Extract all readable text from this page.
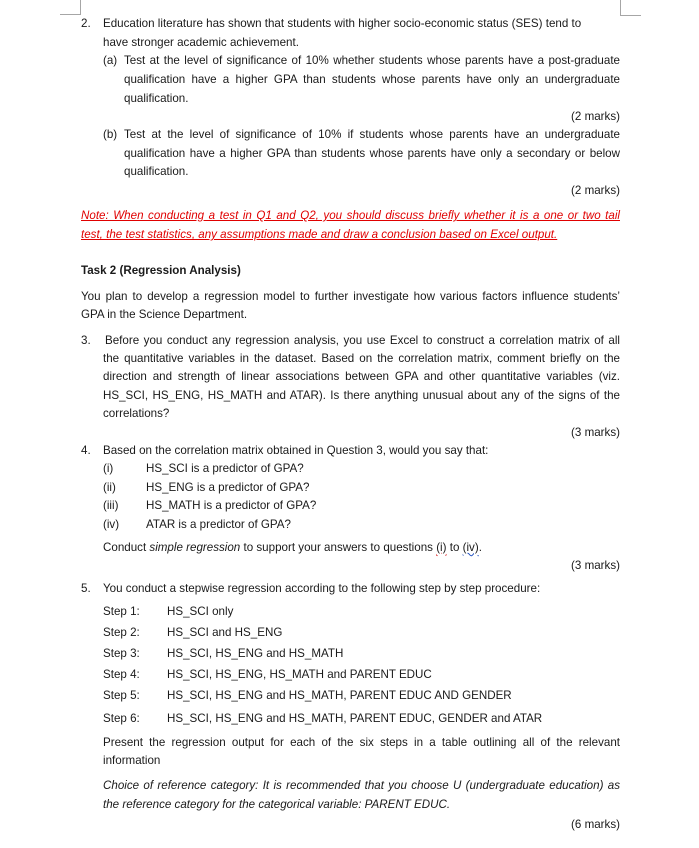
2. Education literature has shown that students with higher socio-economic status (SES) tend to
have stronger academic achievement.
(a) Test at the level of significance of 10% whether students whose parents have a post-graduate
qualification have a higher GPA than students whose parents have only an undergraduate
qualification.
(2 marks)
(b) Test at the level of significance of 10% if students whose parents have an undergraduate
qualification have a higher GPA than students whose parents have only a secondary or below
qualification.
(2 marks)
Note: When conducting a test in Q1 and Q2, you should discuss briefly whether it is a one or two tail
test, the test statistics, any assumptions made and draw a conclusion based on Excel output.
Task 2 (Regression Analysis)
You plan to develop a regression model to further investigate how various factors influence students’
GPA in the Science Department.
3. Before you conduct any regression analysis, you use Excel to construct a correlation matrix of all
the quantitative variables in the dataset. Based on the correlation matrix, comment briefly on the
direction and strength of linear associations between GPA and other quantitative variables (viz.
HS_SCI, HS_ENG, HS_MATH and ATAR). Is there anything unusual about any of the signs of the
correlations?
(3 marks)
4. Based on the correlation matrix obtained in Question 3, would you say that:
(i)	HS_SCI is a predictor of GPA?
(ii)	HS_ENG is a predictor of GPA?
(iii) HS_MATH is a predictor of GPA?
(iv) ATAR is a predictor of GPA?
Conduct simple regression to support your answers to questions (i) to (iv).
(3 marks)
5. You conduct a stepwise regression according to the following step by step procedure:
Step 1: HS_SCI only
Step 2: HS_SCI and HS_ENG
Step 3: HS_SCI, HS_ENG and HS_MATH
Step 4: HS_SCI, HS_ENG, HS_MATH and PARENT EDUC
Step 5: HS_SCI, HS_ENG and HS_MATH, PARENT EDUC AND GENDER
Step 6: HS_SCI, HS_ENG and HS_MATH, PARENT EDUC, GENDER and ATAR
Present the regression output for each of the six steps in a table outlining all of the relevant
information
Choice of reference category: It is recommended that you choose U (undergraduate education) as
the reference category for the categorical variable: PARENT EDUC.
(6 marks)
